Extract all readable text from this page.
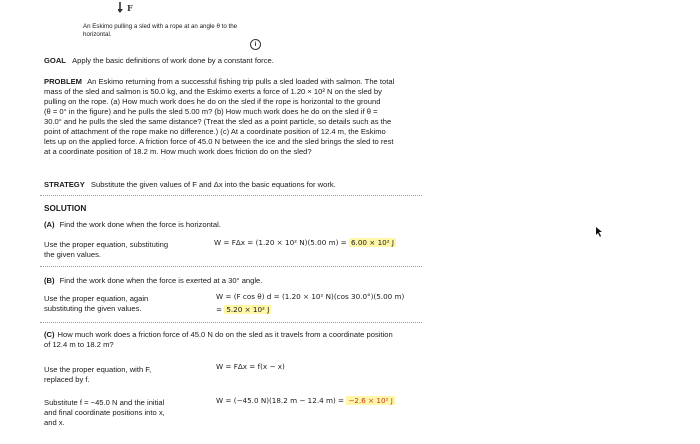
F
An Eskimo pulling a sled with a rope at an angle θ to the
horizontal.
i
GOAL Apply the basic definitions of work done by a constant force.
PROBLEM An Eskimo returning from a successful fishing trip pulls a sled loaded with salmon. The total
mass of the sled and salmon is 50.0 kg, and the Eskimo exerts a force of 1.20 × 10² N on the sled by
pulling on the rope. (a) How much work does he do on the sled if the rope is horizontal to the ground
(θ = 0° in the figure) and he pulls the sled 5.00 m? (b) How much work does he do on the sled if θ =
30.0° and he pulls the sled the same distance? (Treat the sled as a point particle, so details such as the
point of attachment of the rope make no difference.) (c) At a coordinate position of 12.4 m, the Eskimo
lets up on the applied force. A friction force of 45.0 N between the ice and the sled brings the sled to rest
at a coordinate position of 18.2 m. How much work does friction do on the sled?
STRATEGY Substitute the given values of F and Δx into the basic equations for work.
SOLUTION
(A) Find the work done when the force is horizontal.
Use the proper equation, substituting
the given values.
W = FΔx = (1.20 × 10² N)(5.00 m) = 6.00 × 10² J
(B) Find the work done when the force is exerted at a 30° angle.
Use the proper equation, again
substituting the given values.
W = (F cos θ) d = (1.20 × 10² N)(cos 30.0°)(5.00 m)
= 5.20 × 10² J
(C) How much work does a friction force of 45.0 N do on the sled as it travels from a coordinate position
of 12.4 m to 18.2 m?
Use the proper equation, with F,
replaced by f.
W = FΔx = f(x − x)
Substitute f = −45.0 N and the initial
and final coordinate positions into x,
and x.
W = (−45.0 N)(18.2 m − 12.4 m) = −2.6 × 10² J
